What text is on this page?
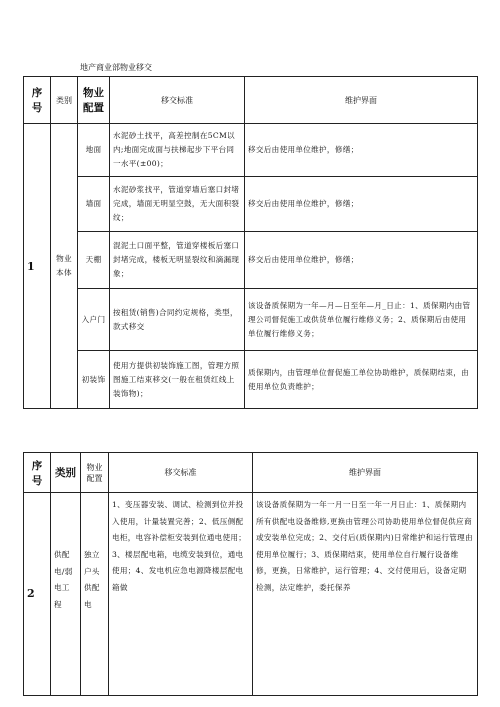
地产商业部物业移交
序号	类别	物业配置	移交标准	维护界面
1	物业本体	地面	水泥砂土找平，高差控制在5CM以内;地面完成面与扶梯起步下平台同一水平(±00)；	移交后由使用单位维护，修缮；
		墙面	水泥砂浆找平，管道穿墙后塞口封堵完成，墙面无明显空鼓，无大面积裂纹；	移交后由使用单位维护，修缮；
		天棚	混泥土口面平整，管道穿楼板后塞口封堵完成，楼板无明显裂纹和滴漏现象；	移交后由使用单位维护，修缮；
		入户门	按租赁(销售)合同约定规格，类型，款式移交	该设备质保期为一年—月—日至年—月_日止：1、质保期内由管理公司督促施工或供货单位履行维修义务；2、质保期后由使用单位履行维修义务；
		初装饰	使用方提供初装饰施工图，管理方照图施工结束移交(一般在租赁红线上装饰物)；	质保期内，由管理单位督促施工单位协助维护，质保期结束，由使用单位负责维护；
序号	类别	物业配置	移交标准	维护界面
2	供配电/弱电工程	独立户头供配电	1、变压器安装、调试、检测到位并投入使用，计量装置完善；2、低压侧配电柜，电容补偿柜安装到位通电使用；3、楼层配电箱，电缆安装到位，通电使用；4、发电机应急电源降楼层配电箱做	该设备质保期为一年一月一日至一年一月日止：1、质保期内所有供配电设备维修,更换由管理公司协助使用单位督促供应商或安装单位完成；2、交付后(质保期内)日常维护和运行管理由使用单位履行；3、质保期结束，使用单位自行履行设备维修，更换，日常维护，运行管理；4、交付使用后，设备定期检测，法定维护，委托保养
